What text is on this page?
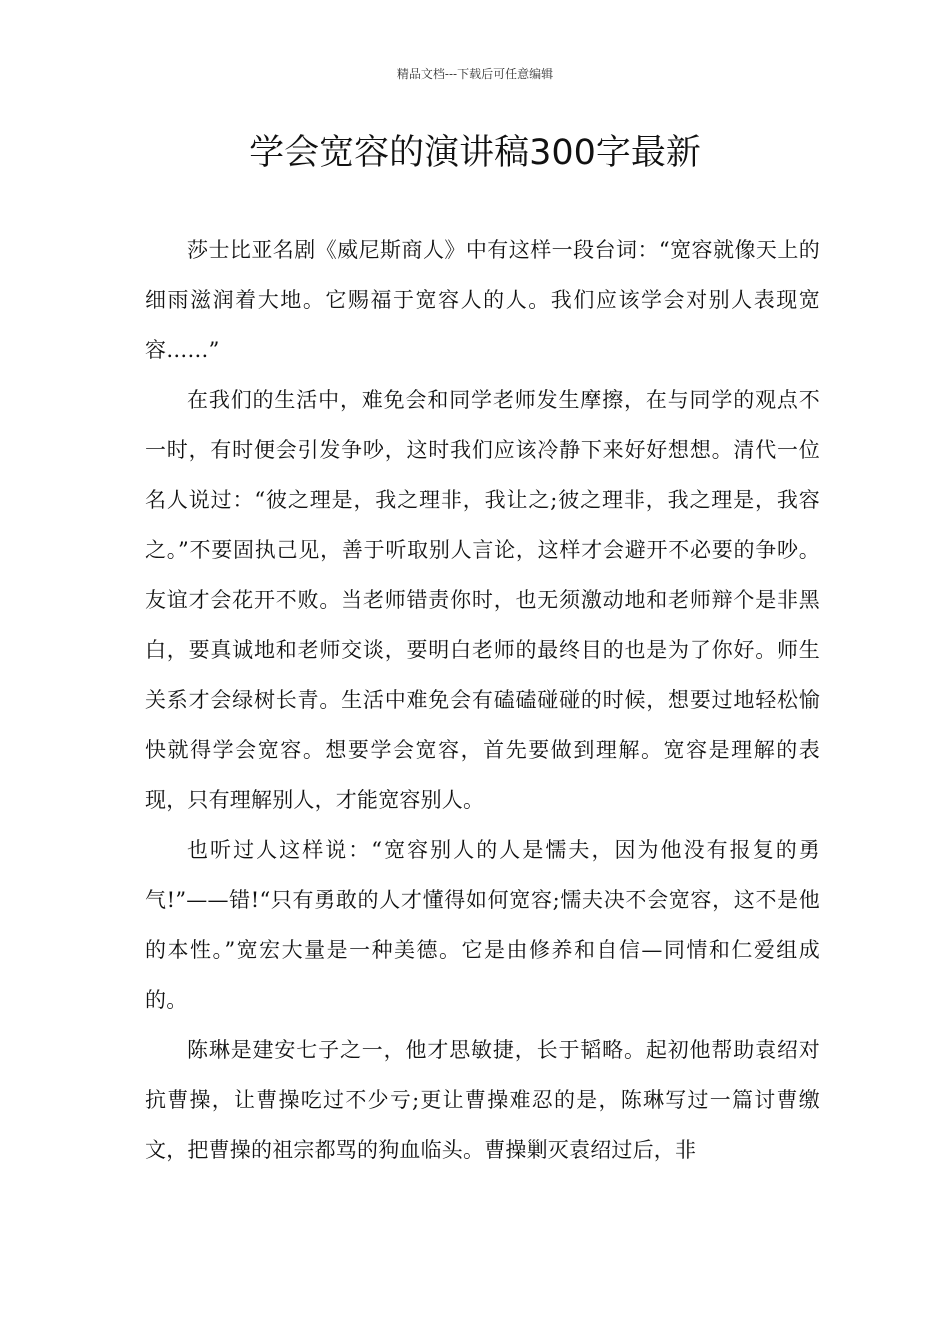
精品文档---下载后可任意编辑
学会宽容的演讲稿300字最新

莎士比亚名剧《威尼斯商人》中有这样一段台词：“宽容就像天上的细雨滋润着大地。它赐福于宽容人的人。我们应该学会对别人表现宽容……”

在我们的生活中，难免会和同学老师发生摩擦，在与同学的观点不一时，有时便会引发争吵，这时我们应该冷静下来好好想想。清代一位名人说过：“彼之理是，我之理非，我让之;彼之理非，我之理是，我容之。”不要固执己见，善于听取别人言论，这样才会避开不必要的争吵。友谊才会花开不败。当老师错责你时，也无须激动地和老师辩个是非黑白，要真诚地和老师交谈，要明白老师的最终目的也是为了你好。师生关系才会绿树长青。生活中难免会有磕磕碰碰的时候，想要过地轻松愉快就得学会宽容。想要学会宽容，首先要做到理解。宽容是理解的表现，只有理解别人，才能宽容别人。

也听过人这样说：“宽容别人的人是懦夫，因为他没有报复的勇气!”——错!“只有勇敢的人才懂得如何宽容;懦夫决不会宽容，这不是他的本性。”宽宏大量是一种美德。它是由修养和自信—同情和仁爱组成的。

陈琳是建安七子之一，他才思敏捷，长于韬略。起初他帮助袁绍对抗曹操，让曹操吃过不少亏;更让曹操难忍的是，陈琳写过一篇讨曹缴文，把曹操的祖宗都骂的狗血临头。曹操剿灭袁绍过后，非
